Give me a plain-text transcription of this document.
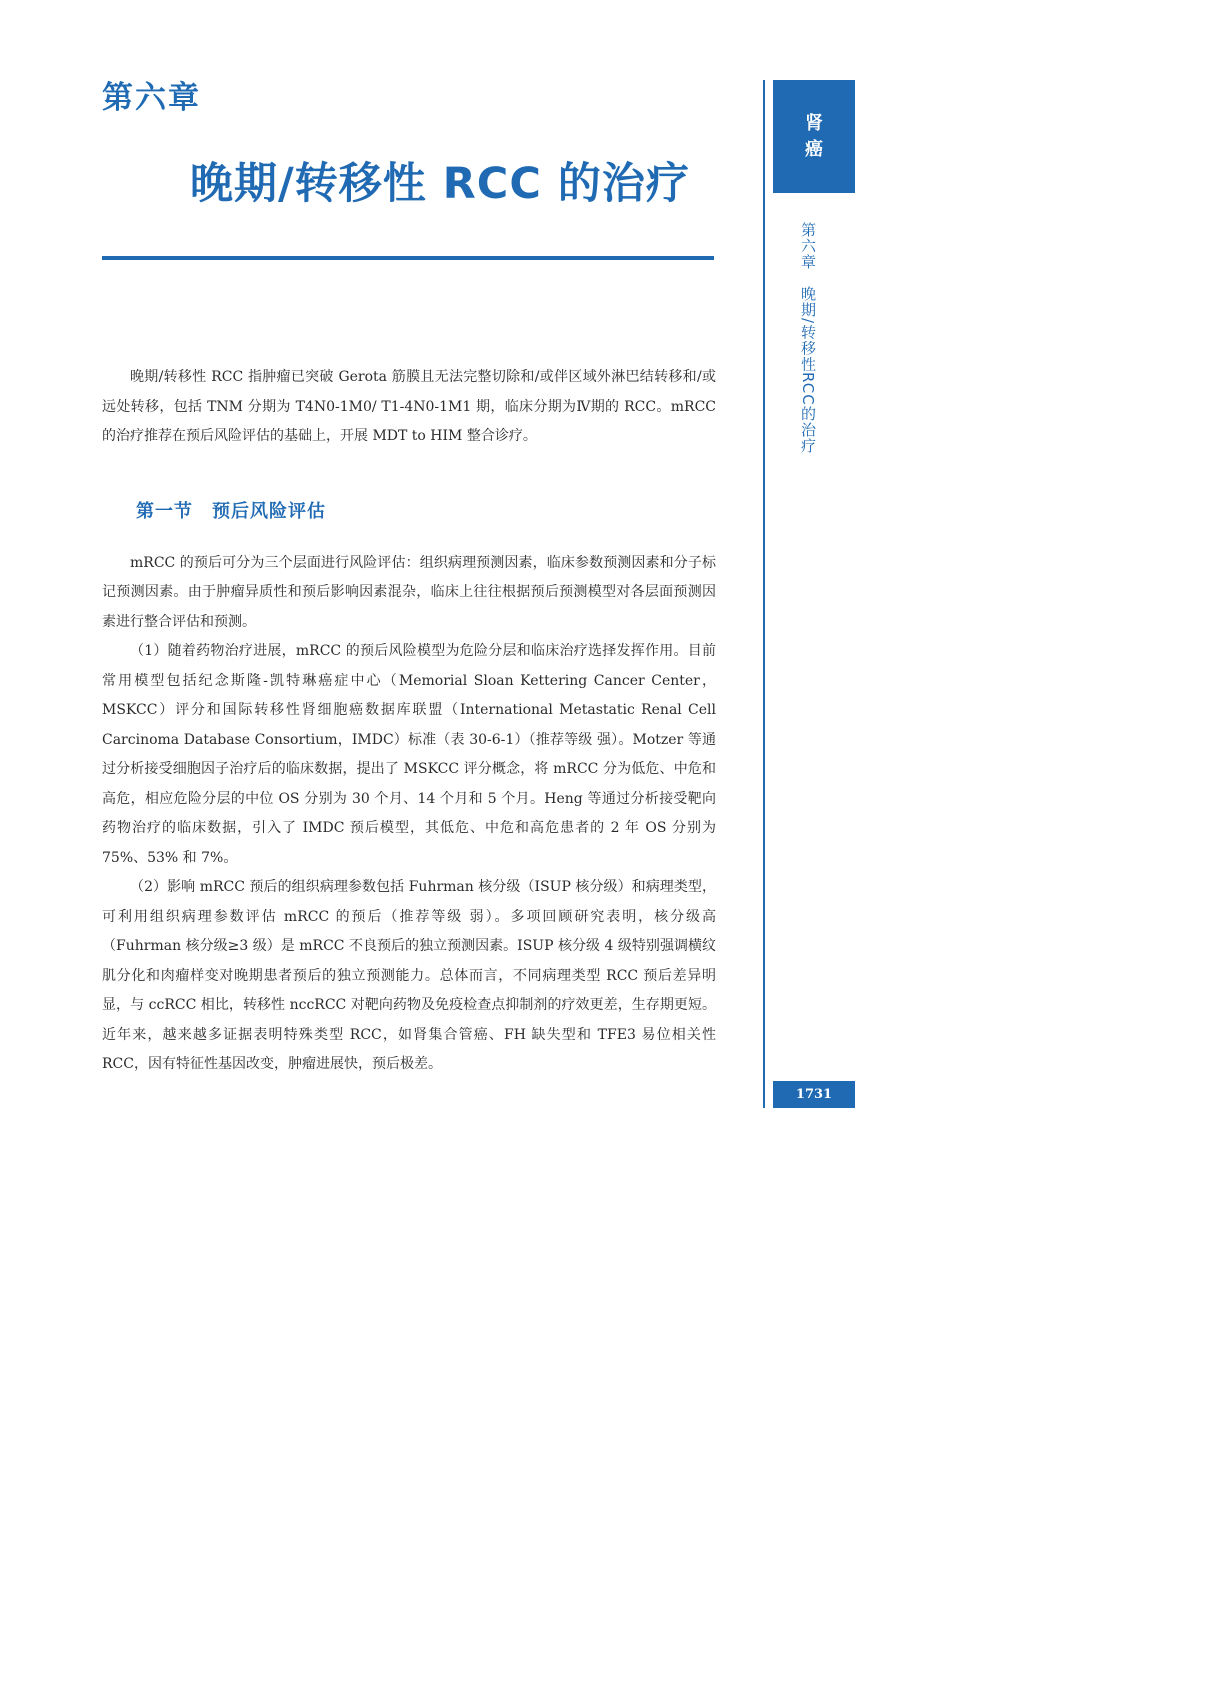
第六章
晚期/转移性 RCC 的治疗
肾
癌
第六章　晚期/转移性RCC的治疗
1731

晚期/转移性 RCC 指肿瘤已突破 Gerota 筋膜且无法完整切除和/或伴区域外淋巴结转移和/或远处转移，包括 TNM 分期为 T4N0-1M0/ T1-4N0-1M1 期，临床分期为Ⅳ期的 RCC。mRCC 的治疗推荐在预后风险评估的基础上，开展 MDT to HIM 整合诊疗。

第一节　预后风险评估

mRCC 的预后可分为三个层面进行风险评估：组织病理预测因素，临床参数预测因素和分子标记预测因素。由于肿瘤异质性和预后影响因素混杂，临床上往往根据预后预测模型对各层面预测因素进行整合评估和预测。

（1）随着药物治疗进展，mRCC 的预后风险模型为危险分层和临床治疗选择发挥作用。目前常用模型包括纪念斯隆-凯特琳癌症中心（Memorial Sloan Kettering Cancer Center，MSKCC）评分和国际转移性肾细胞癌数据库联盟（International Metastatic Renal Cell Carcinoma Database Consortium，IMDC）标准（表 30-6-1）（推荐等级 强）。Motzer 等通过分析接受细胞因子治疗后的临床数据，提出了 MSKCC 评分概念，将 mRCC 分为低危、中危和高危，相应危险分层的中位 OS 分别为 30 个月、14 个月和 5 个月。Heng 等通过分析接受靶向药物治疗的临床数据，引入了 IMDC 预后模型，其低危、中危和高危患者的 2 年 OS 分别为 75%、53% 和 7%。

（2）影响 mRCC 预后的组织病理参数包括 Fuhrman 核分级（ISUP 核分级）和病理类型，可利用组织病理参数评估 mRCC 的预后（推荐等级 弱）。多项回顾研究表明，核分级高（Fuhrman 核分级≥3 级）是 mRCC 不良预后的独立预测因素。ISUP 核分级 4 级特别强调横纹肌分化和肉瘤样变对晚期患者预后的独立预测能力。总体而言，不同病理类型 RCC 预后差异明显，与 ccRCC 相比，转移性 nccRCC 对靶向药物及免疫检查点抑制剂的疗效更差，生存期更短。近年来，越来越多证据表明特殊类型 RCC，如肾集合管癌、FH 缺失型和 TFE3 易位相关性 RCC，因有特征性基因改变，肿瘤进展快，预后极差。
